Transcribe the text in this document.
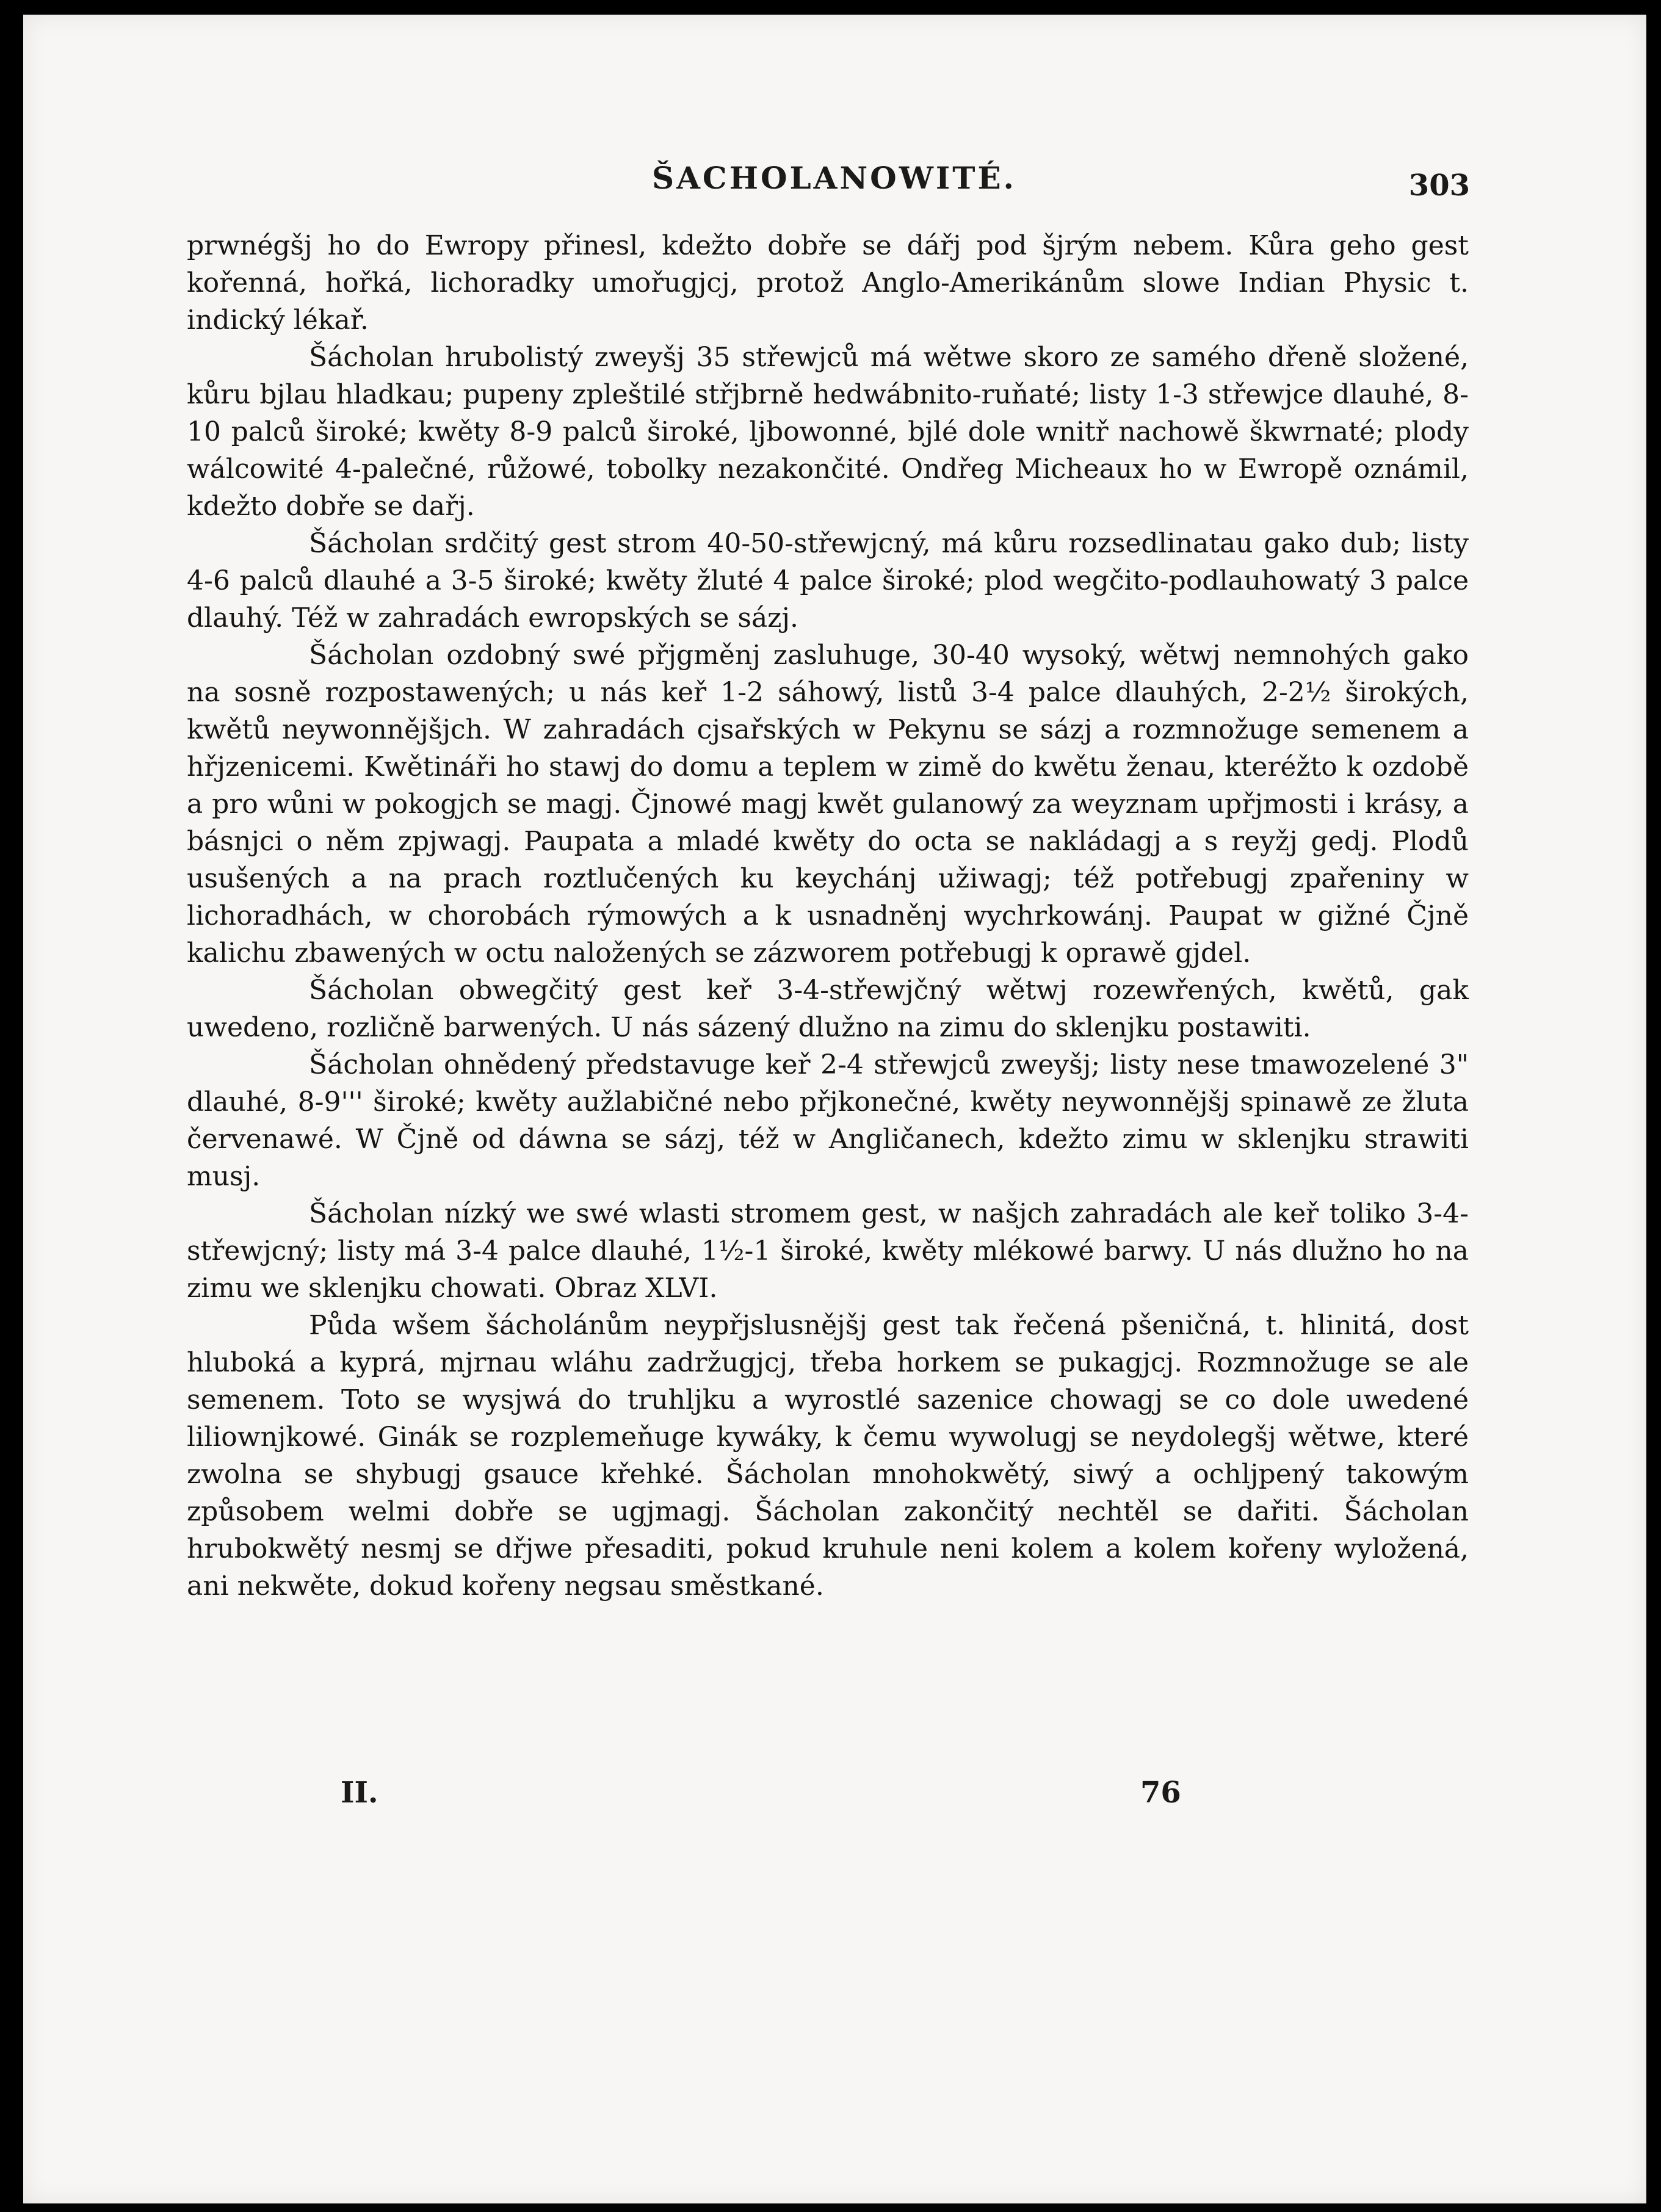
ŠACHOLANOWITÉ.	303

prwnégšj ho do Ewropy přinesl, kdežto dobře se dářj pod šjrým nebem. Kůra geho gest kořenná, hořká, lichoradky umořugjcj, protož Anglo-Amerikánům slowe Indian Physic t. indický lékař.

Šácholan hrubolistý zweyšj 35 střewjců má wětwe skoro ze samého dřeně složené, kůru bjlau hladkau; pupeny zpleštilé střjbrně hedwábnito-ruňaté; listy 1-3 střewjce dlauhé, 8-10 palců široké; kwěty 8-9 palců široké, ljbowonné, bjlé dole wnitř nachowě škwrnaté; plody wálcowité 4-palečné, růžowé, tobolky nezakončité. Ondřeg Micheaux ho w Ewropě oznámil, kdežto dobře se dařj.

Šácholan srdčitý gest strom 40-50-střewjcný, má kůru rozsedlinatau gako dub; listy 4-6 palců dlauhé a 3-5 široké; kwěty žluté 4 palce široké; plod wegčito-podlauhowatý 3 palce dlauhý. Též w zahradách ewropských se sázj.

Šácholan ozdobný swé přjgměnj zasluhuge, 30-40 wysoký, wětwj nemnohých gako na sosně rozpostawených; u nás keř 1-2 sáhowý, listů 3-4 palce dlauhých, 2-2½ širokých, kwětů neywonnějšjch. W zahradách cjsařských w Pekynu se sázj a rozmnožuge semenem a hřjzenicemi. Kwětináři ho stawj do domu a teplem w zimě do kwětu ženau, kteréžto k ozdobě a pro wůni w pokogjch se magj. Čjnowé magj kwět gulanowý za weyznam upřjmosti i krásy, a básnjci o něm zpjwagj. Paupata a mladé kwěty do octa se nakládagj a s reyžj gedj. Plodů usušených a na prach roztlučených ku keychánj užiwagj; též potřebugj zpařeniny w lichoradhách, w chorobách rýmowých a k usnadněnj wychrkowánj. Paupat w gižné Čjně kalichu zbawených w octu naložených se zázworem potřebugj k oprawě gjdel.

Šácholan obwegčitý gest keř 3-4-střewjčný wětwj rozewřených, kwětů, gak uwedeno, rozličně barwených. U nás sázený dlužno na zimu do sklenjku postawiti.

Šácholan ohnědený představuge keř 2-4 střewjců zweyšj; listy nese tmawozelené 3" dlauhé, 8-9''' široké; kwěty aužlabičné nebo přjkonečné, kwěty neywonnějšj spinawě ze žluta červenawé. W Čjně od dáwna se sázj, též w Angličanech, kdežto zimu w sklenjku strawiti musj.

Šácholan nízký we swé wlasti stromem gest, w našjch zahradách ale keř toliko 3-4-střewjcný; listy má 3-4 palce dlauhé, 1½-1 široké, kwěty mlékowé barwy. U nás dlužno ho na zimu we sklenjku chowati. Obraz XLVI.

Půda wšem šácholánům neypřjslusnějšj gest tak řečená pšeničná, t. hlinitá, dost hluboká a kyprá, mjrnau wláhu zadržugjcj, třeba horkem se pukagjcj. Rozmnožuge se ale semenem. Toto se wysjwá do truhljku a wyrostlé sazenice chowagj se co dole uwedené liliownjkowé. Ginák se rozplemeňuge kywáky, k čemu wywolugj se neydolegšj wětwe, které zwolna se shybugj gsauce křehké. Šácholan mnohokwětý, siwý a ochljpený takowým způsobem welmi dobře se ugjmagj. Šácholan zakončitý nechtěl se dařiti. Šácholan hrubokwětý nesmj se dřjwe přesaditi, pokud kruhule neni kolem a kolem kořeny wyložená, ani nekwěte, dokud kořeny negsau směstkané.

II.	76
